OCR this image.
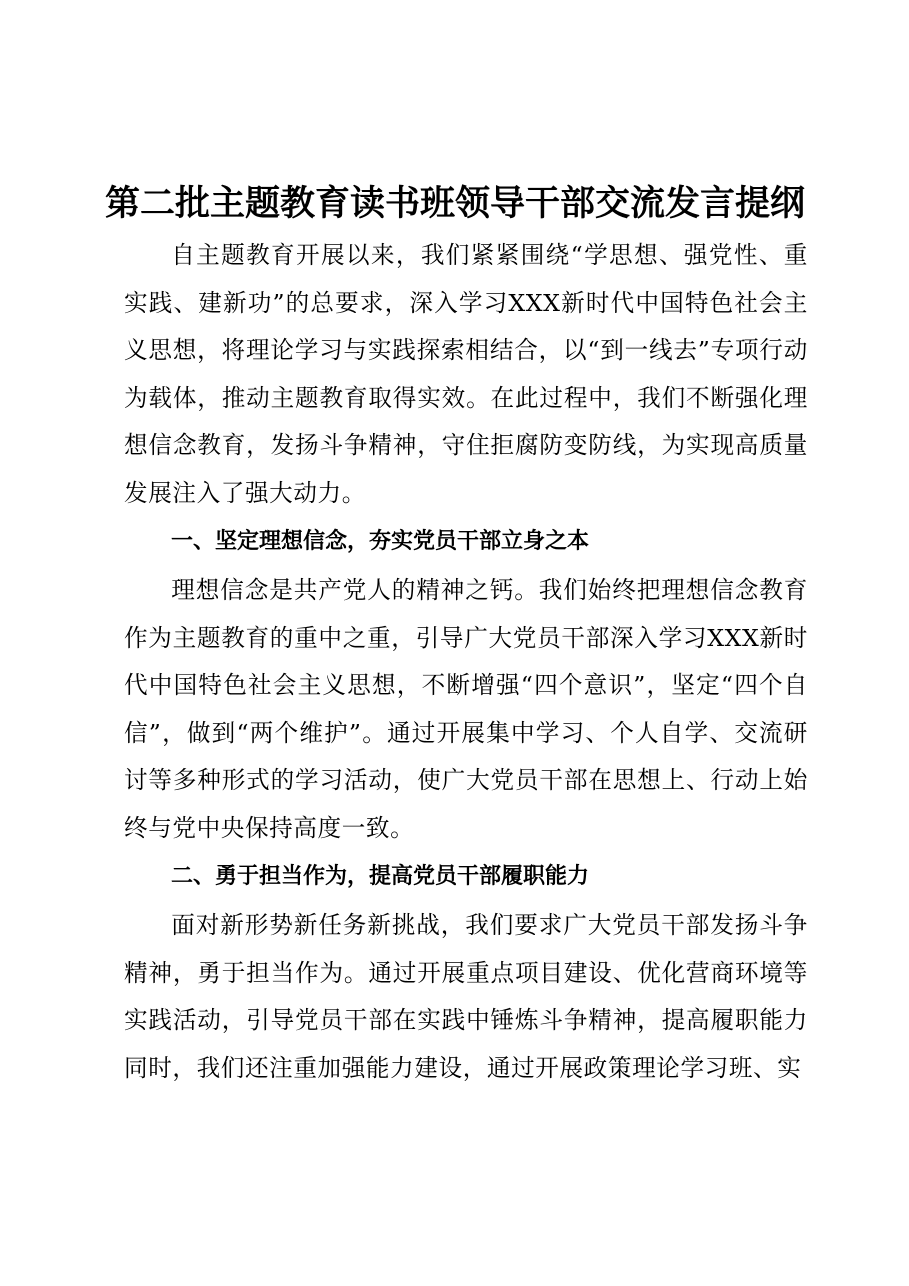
第二批主题教育读书班领导干部交流发言提纲

自主题教育开展以来，我们紧紧围绕“学思想、强党性、重实践、建新功”的总要求，深入学习XXX新时代中国特色社会主义思想，将理论学习与实践探索相结合，以“到一线去”专项行动为载体，推动主题教育取得实效。在此过程中，我们不断强化理想信念教育，发扬斗争精神，守住拒腐防变防线，为实现高质量发展注入了强大动力。

一、坚定理想信念，夯实党员干部立身之本

理想信念是共产党人的精神之钙。我们始终把理想信念教育作为主题教育的重中之重，引导广大党员干部深入学习XXX新时代中国特色社会主义思想，不断增强“四个意识”，坚定“四个自信”，做到“两个维护”。通过开展集中学习、个人自学、交流研讨等多种形式的学习活动，使广大党员干部在思想上、行动上始终与党中央保持高度一致。

二、勇于担当作为，提高党员干部履职能力

面对新形势新任务新挑战，我们要求广大党员干部发扬斗争精神，勇于担当作为。通过开展重点项目建设、优化营商环境等实践活动，引导党员干部在实践中锤炼斗争精神，提高履职能力同时，我们还注重加强能力建设，通过开展政策理论学习班、实
